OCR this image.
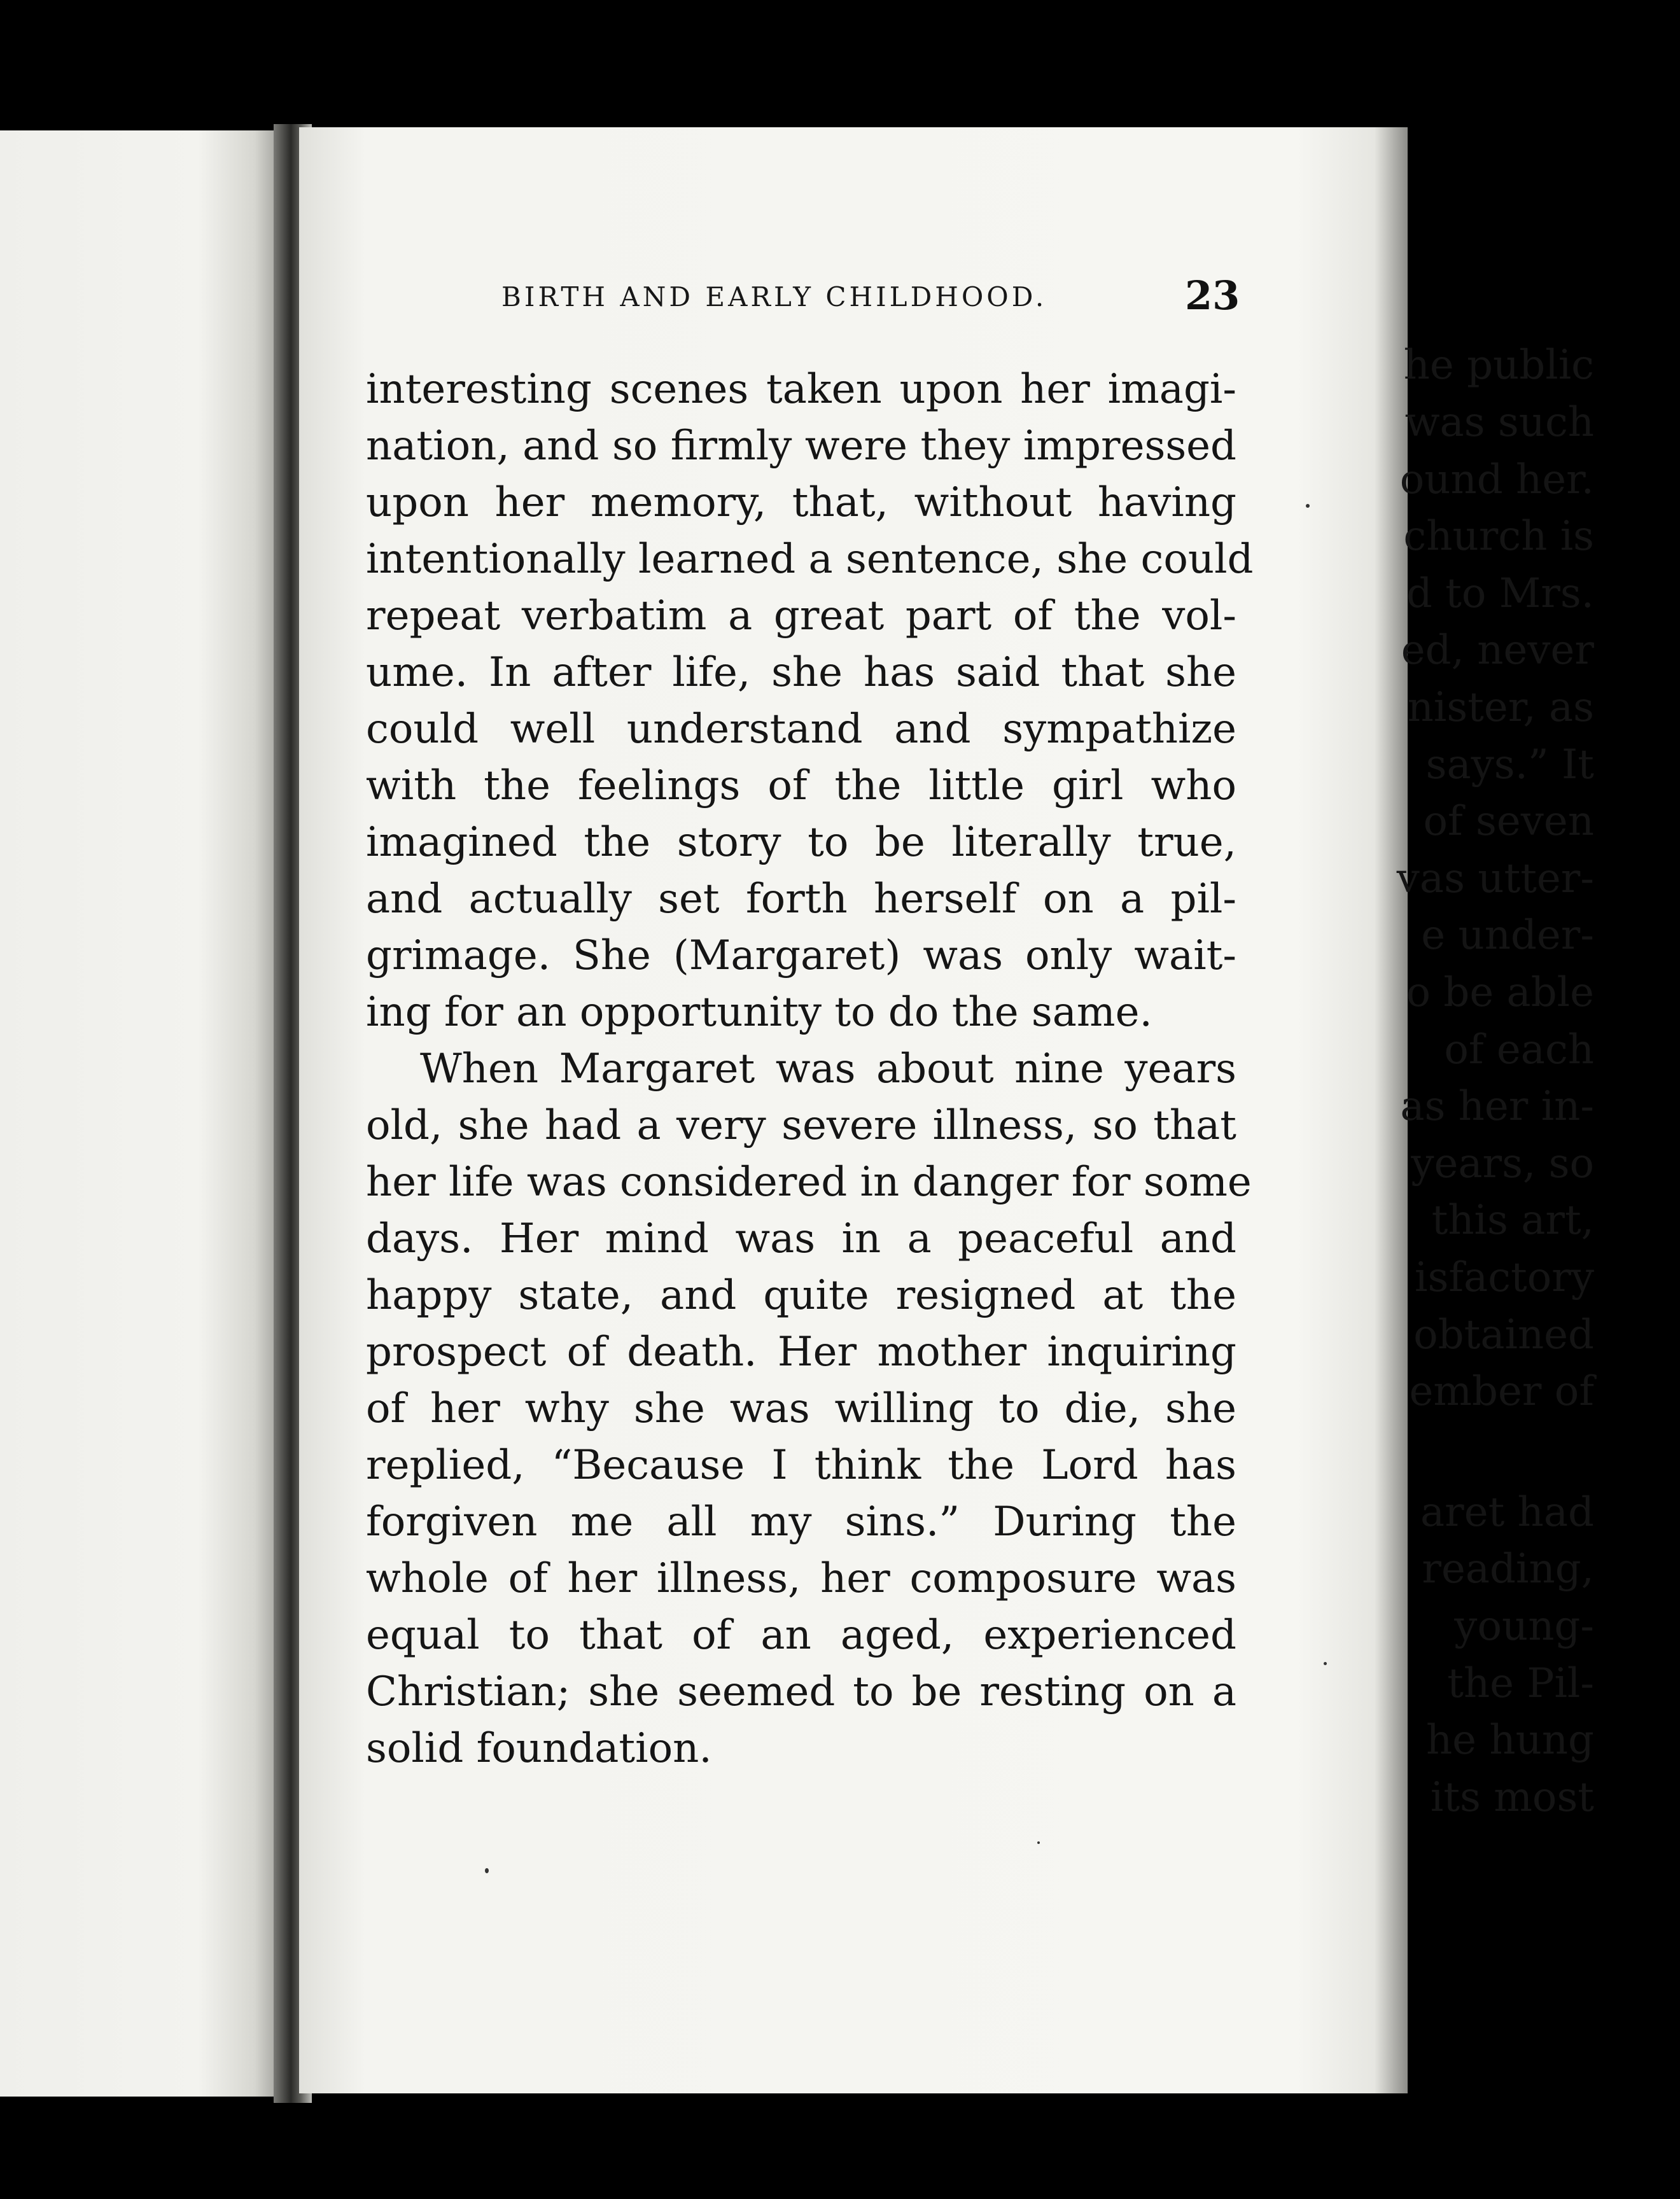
he public

was such

ound her.

church is

d to Mrs.

ed, never

nister, as

says.” It

of seven

vas utter-

e under-

o be able

of each

as her in-

years, so

this art,

isfactory

obtained

ember of

aret had

reading,

young-

the Pil-

he hung

its most

BIRTH AND EARLY CHILDHOOD.	23

interesting scenes taken upon her imagi-

nation, and so firmly were they impressed

upon her memory, that, without having

intentionally learned a sentence, she could

repeat verbatim a great part of the vol-

ume. In after life, she has said that she

could well understand and sympathize

with the feelings of the little girl who

imagined the story to be literally true,

and actually set forth herself on a pil-

grimage. She (Margaret) was only wait-

ing for an opportunity to do the same.

When Margaret was about nine years

old, she had a very severe illness, so that

her life was considered in danger for some

days. Her mind was in a peaceful and

happy state, and quite resigned at the

prospect of death. Her mother inquiring

of her why she was willing to die, she

replied, “Because I think the Lord has

forgiven me all my sins.” During the

whole of her illness, her composure was

equal to that of an aged, experienced

Christian; she seemed to be resting on a

solid foundation.
